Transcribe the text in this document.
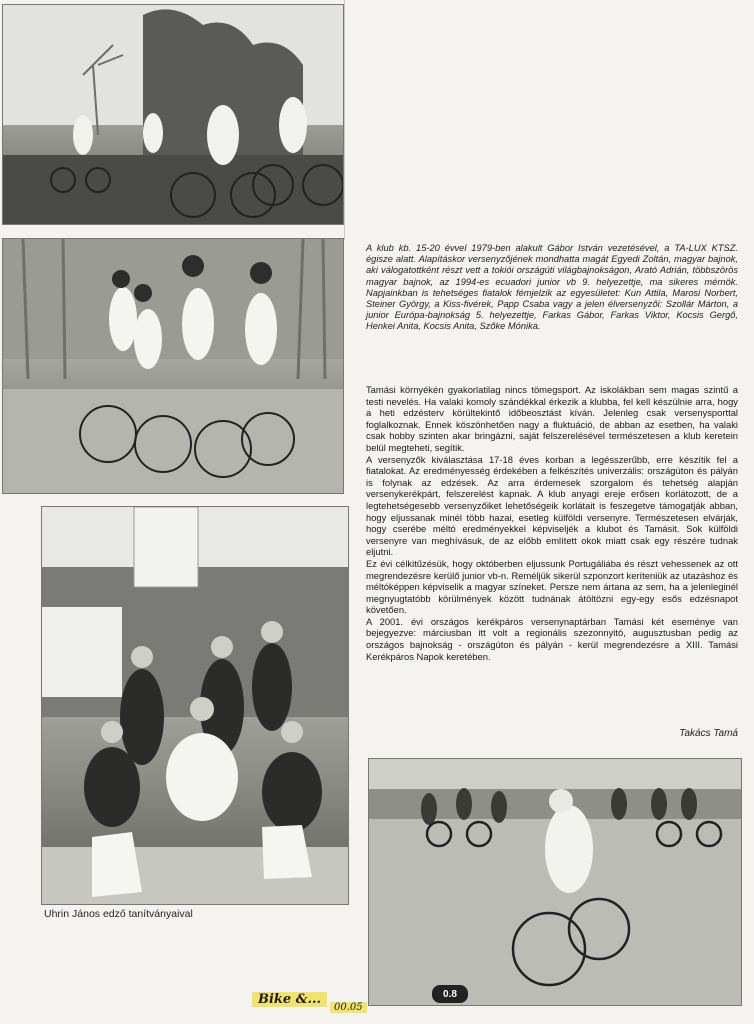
Uhrin János edző tanítványaival

A klub kb. 15-20 évvel 1979-ben alakult Gábor István vezetésével, a TA-LUX KTSZ. égisze alatt. Alapításkor versenyzőjének mondhatta magát Egyedi Zoltán, magyar bajnok, aki válogatottként részt vett a tokiói országúti világbajnokságon, Arató Adrián, többszörös magyar bajnok, az 1994-es ecuadori junior vb 9. helyezettje, ma sikeres mérnök. Napjainkban is tehetséges fiatalok fémjelzik az egyesületet: Kun Attila, Marosi Norbert, Steiner György, a Kiss-fivérek, Papp Csaba vagy a jelen élversenyzői: Szollár Márton, a junior Európa-bajnokság 5. helyezettje, Farkas Gábor, Farkas Viktor, Kocsis Gergő, Henkei Anita, Kocsis Anita, Szőke Mónika.

Tamási környékén gyakorlatilag nincs tömegsport. Az iskolákban sem magas szintű a testi nevelés. Ha valaki komoly szándékkal érkezik a klubba, fel kell készülnie arra, hogy a heti edzésterv körültekintő időbeosztást kíván. Jelenleg csak versenysporttal foglalkoznak. Ennek köszönhetően nagy a fluktuáció, de abban az esetben, ha valaki csak hobby szinten akar bringázni, saját felszerelésével természetesen a klub keretein belül megteheti, segítik.

A versenyzők kiválasztása 17-18 éves korban a legésszerűbb, erre készítik fel a fiatalokat. Az eredményesség érdekében a felkészítés univerzális: országúton és pályán is folynak az edzések. Az arra érdemesek szorgalom és tehetség alapján versenykerékpárt, felszerelést kapnak. A klub anyagi ereje erősen korlátozott, de a legtehetségesebb versenyzőiket lehetőségeik korlátait is feszegetve támogatják abban, hogy eljussanak minél több hazai, esetleg külföldi versenyre. Természetesen elvárják, hogy cserébe méltó eredményekkel képviseljék a klubot és Tamásit. Sok külföldi versenyre van meghívásuk, de az előbb említett okok miatt csak egy részére tudnak eljutni.

Ez évi célkitűzésük, hogy októberben eljussunk Portugáliába és részt vehessenek az ott megrendezésre kerülő junior vb-n. Reméljük sikerül szponzort keríteniük az utazáshoz és méltóképpen képviselik a magyar színeket. Persze nem ártana az sem, ha a jelenleginél megnyugtatóbb körülmények között tudnának átöltözni egy-egy esős edzésnapot követően.

A 2001. évi országos kerékpáros versenynaptárban Tamási két eseménye van bejegyezve: márciusban itt volt a regionális szezonnyitó, augusztusban pedig az országos bajnokság - országúton és pályán - kerül megrendezésre a XIII. Tamási Kerékpáros Napok keretében.

Takács Tamá
Bike &...
00.05
0.8
